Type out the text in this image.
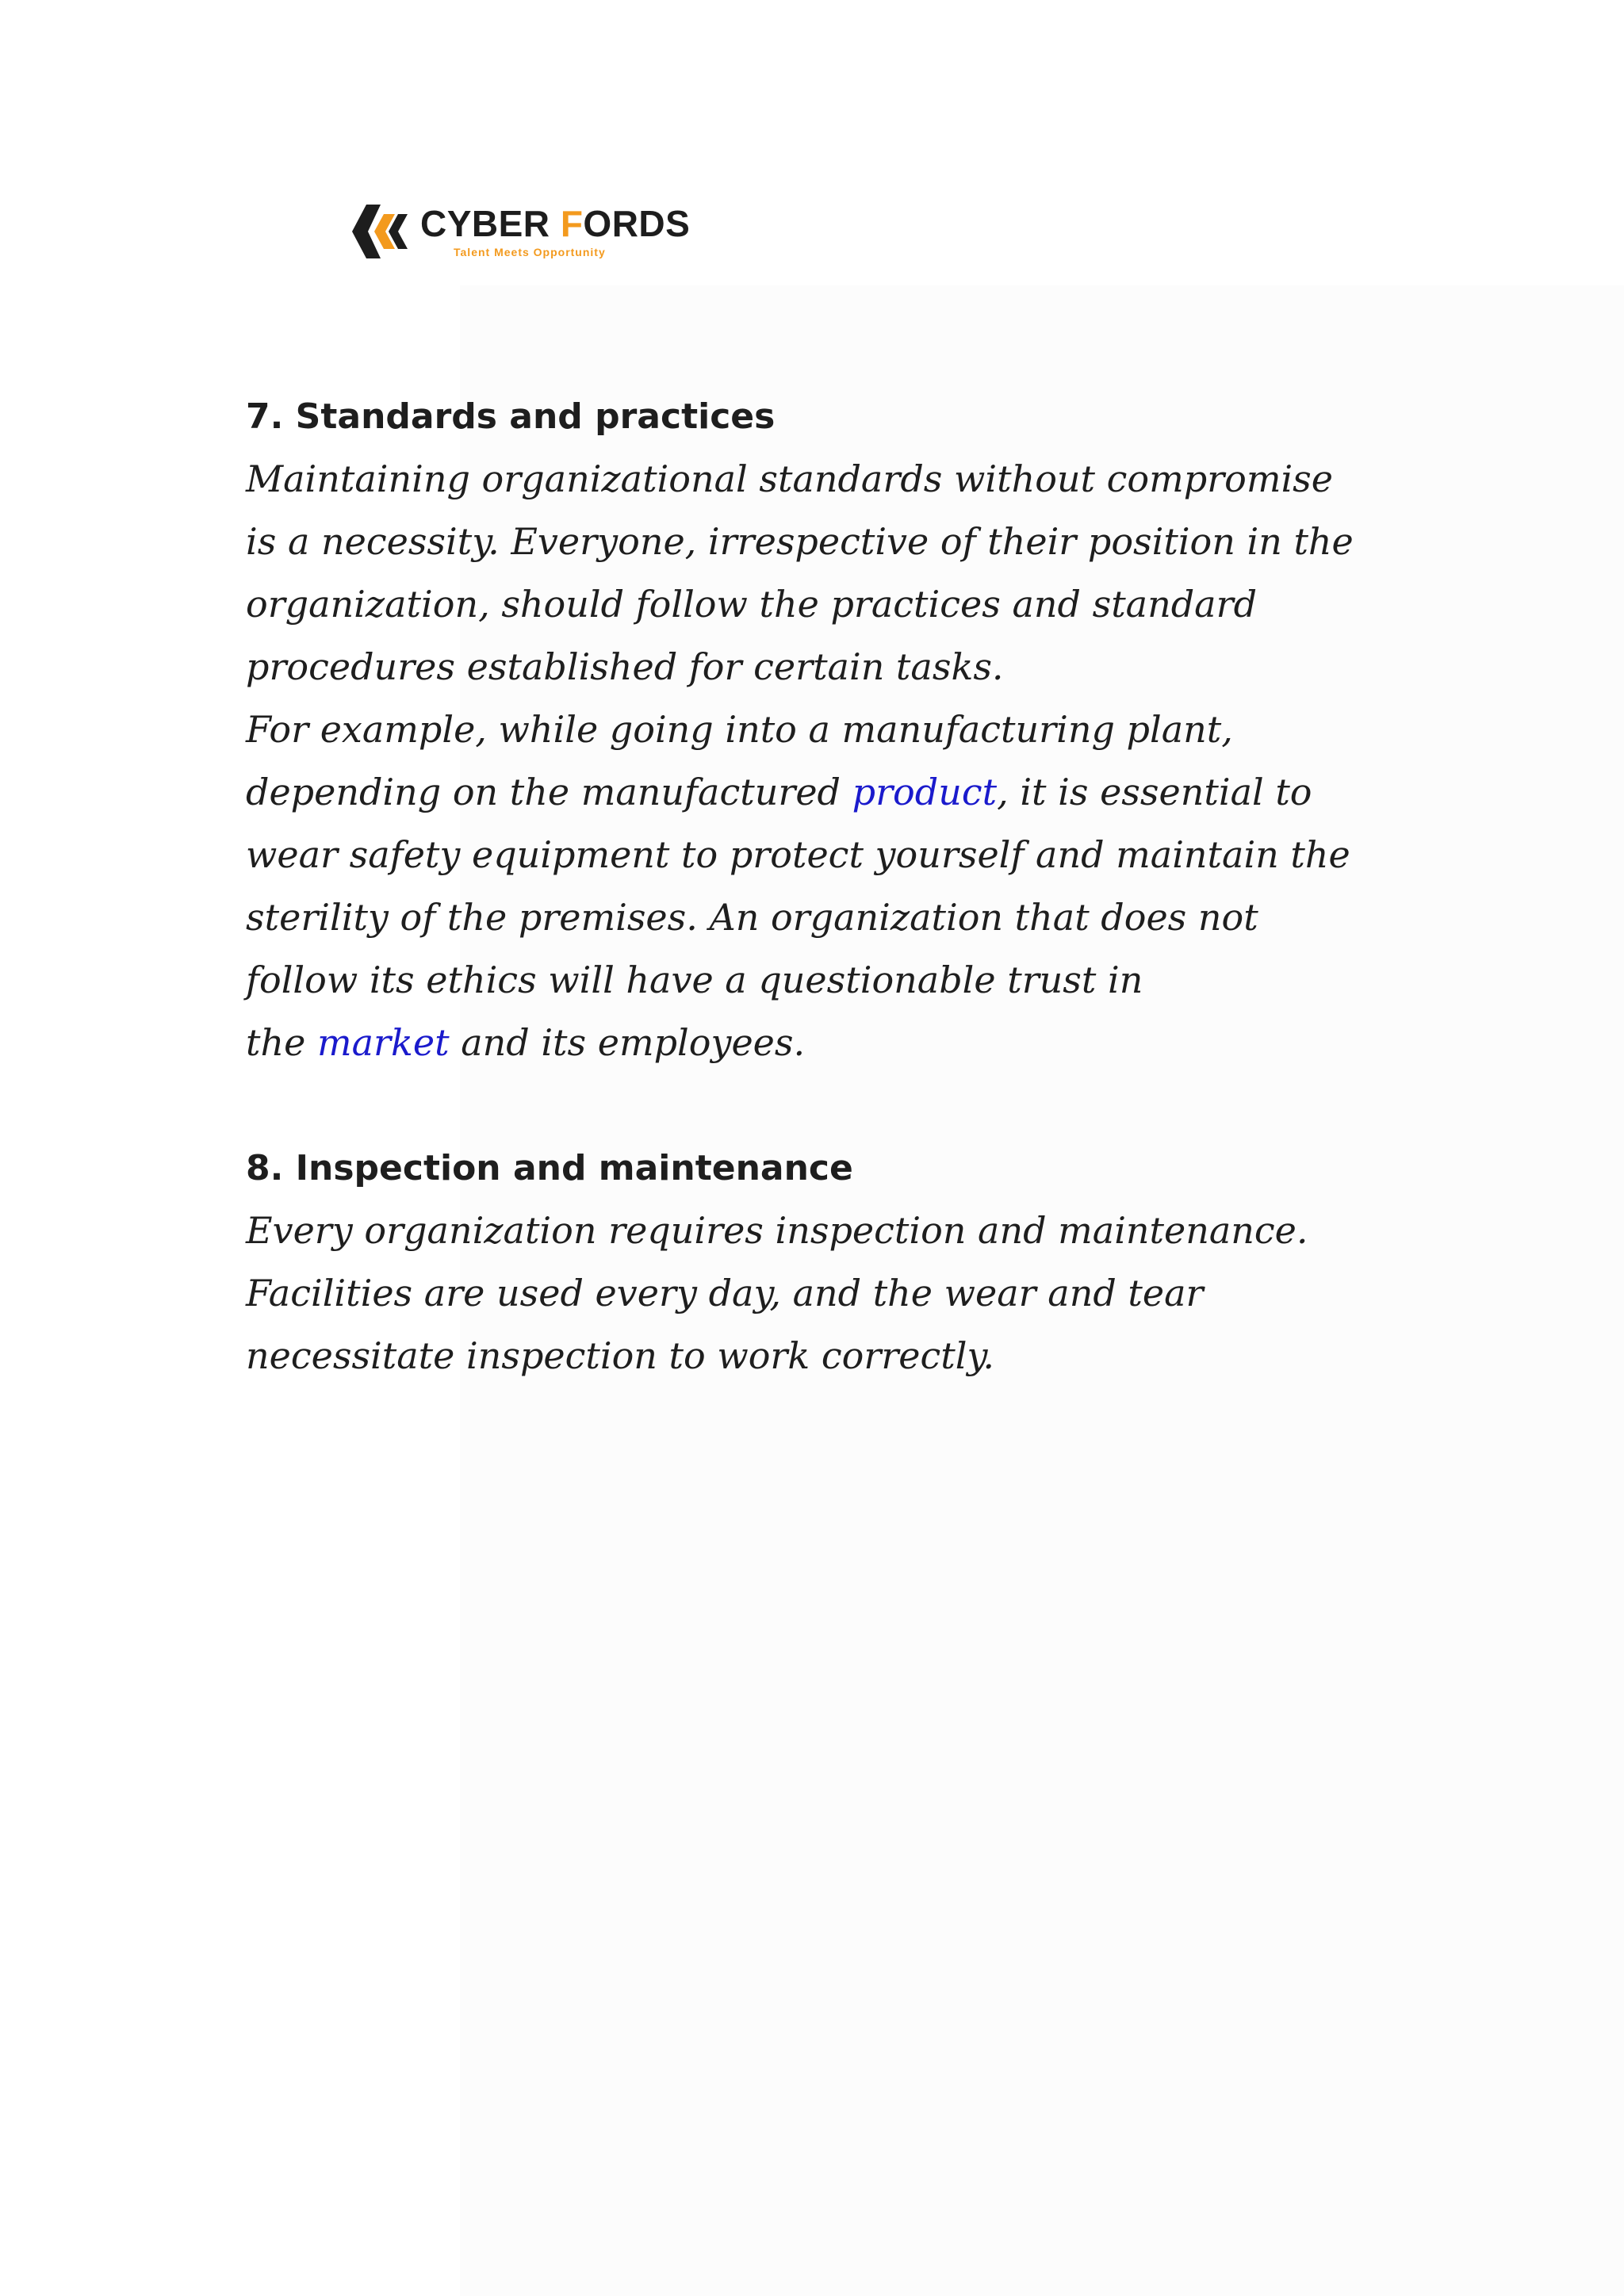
CYBER FORDS
Talent Meets Opportunity

7. Standards and practices

Maintaining organizational standards without compromise
is a necessity. Everyone, irrespective of their position in the
organization, should follow the practices and standard
procedures established for certain tasks.
For example, while going into a manufacturing plant,
depending on the manufactured product, it is essential to
wear safety equipment to protect yourself and maintain the
sterility of the premises. An organization that does not
follow its ethics will have a questionable trust in
the market and its employees.

8. Inspection and maintenance

Every organization requires inspection and maintenance.
Facilities are used every day, and the wear and tear
necessitate inspection to work correctly.
